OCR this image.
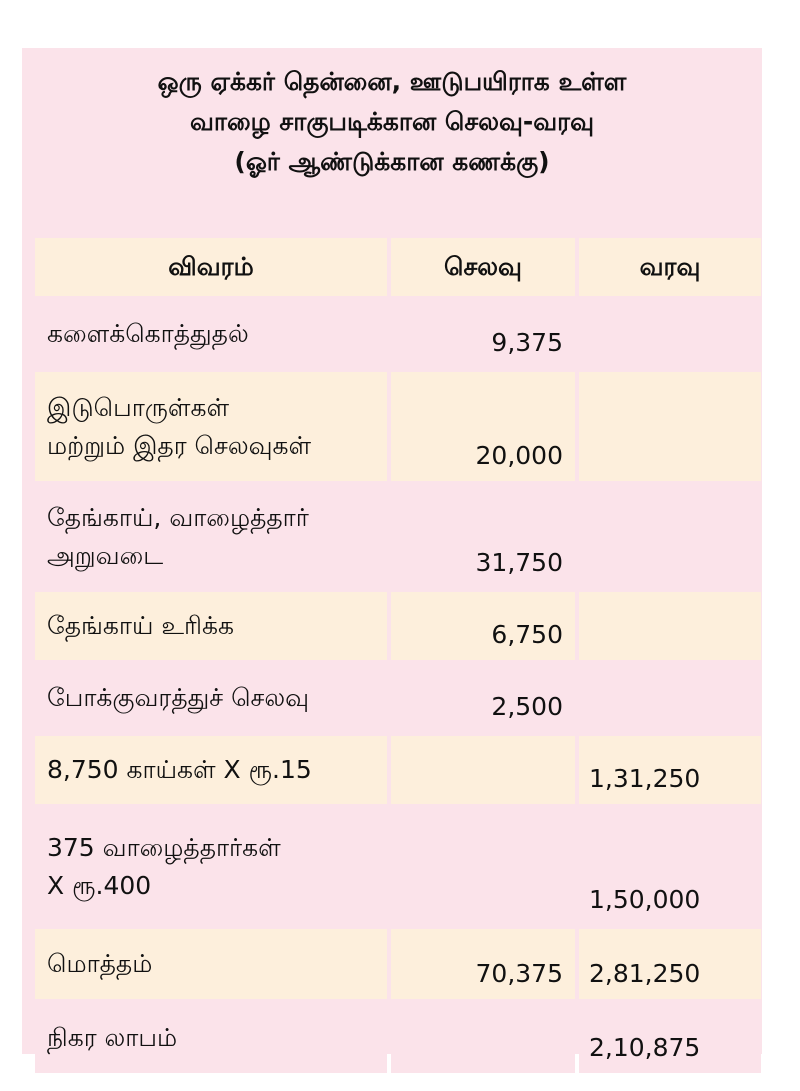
ஒரு ஏக்கர் தென்னை, ஊடுபயிராக உள்ள
வாழை சாகுபடிக்கான செலவு-வரவு
(ஓர் ஆண்டுக்கான கணக்கு)
விவரம்	செலவு	வரவு

களைக்கொத்துதல்	9,375	

இடுபொருள்கள்
மற்றும் இதர செலவுகள்	20,000	

தேங்காய், வாழைத்தார்
அறுவடை	31,750	

தேங்காய் உரிக்க	6,750	

போக்குவரத்துச் செலவு	2,500	

8,750 காய்கள் X ரூ.15		1,31,250

375 வாழைத்தார்கள்
X ரூ.400		1,50,000

மொத்தம்	70,375	2,81,250

நிகர லாபம்		2,10,875
